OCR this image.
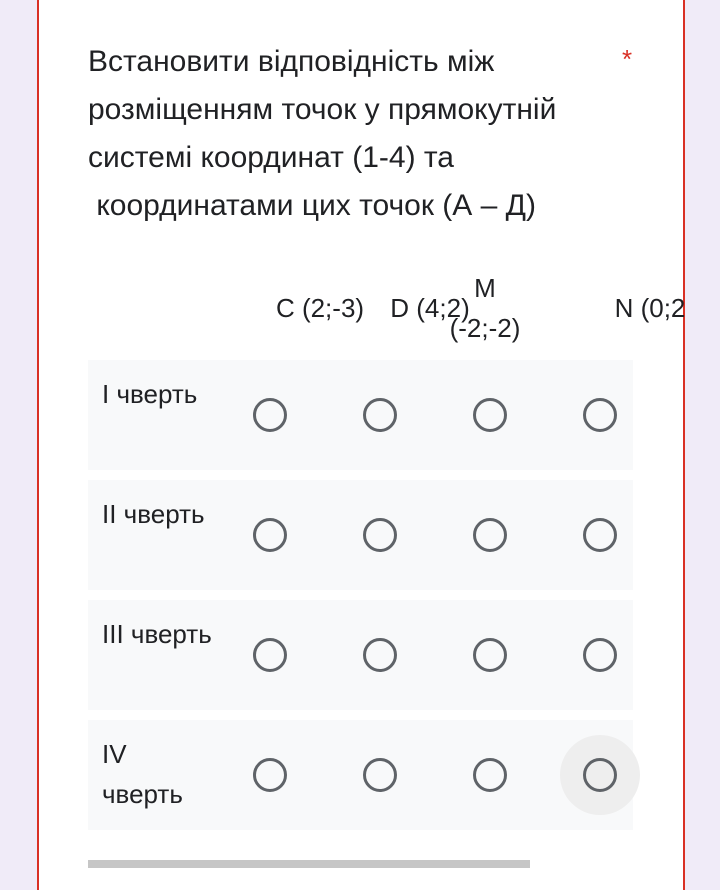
Встановити відповідність між
розміщенням точок у прямокутній
системі координат (1-4) та
координатами цих точок (А – Д)
*
C (2;-3)	D (4;2)
M (-2;-2)
N (0;2
I чверть
II чверть
III чверть
IV чверть
